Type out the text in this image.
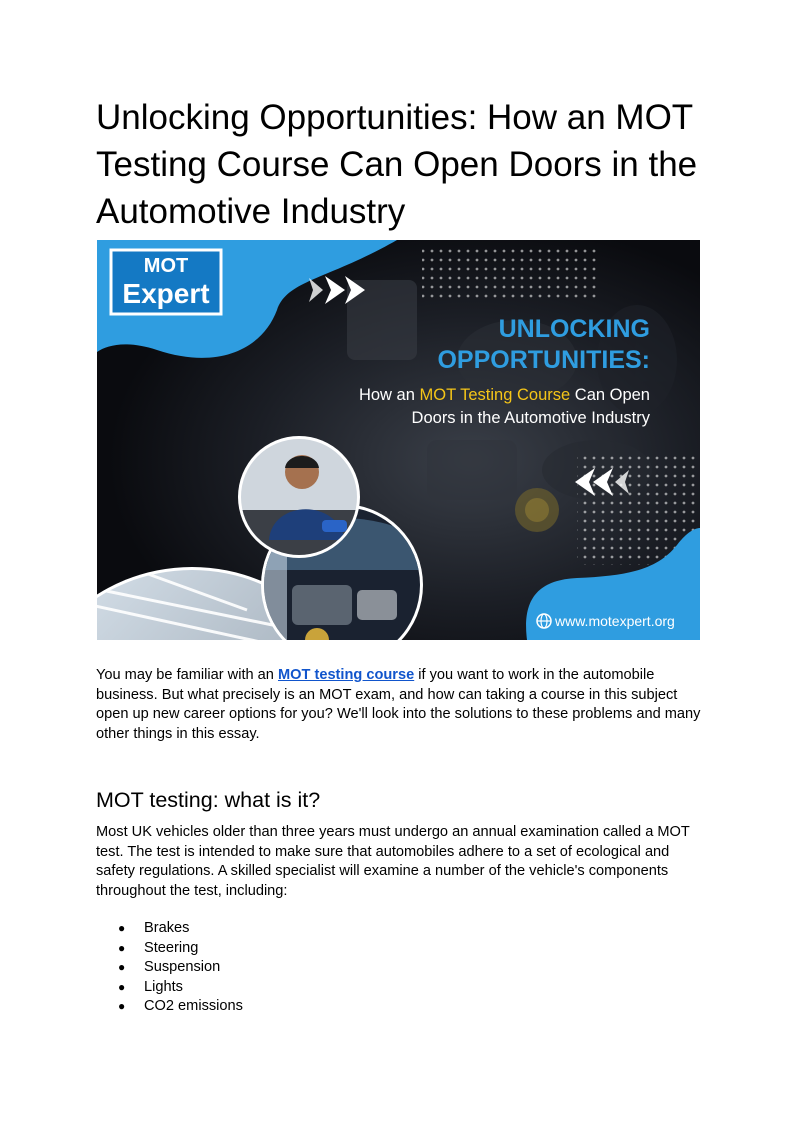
Unlocking Opportunities: How an MOT Testing Course Can Open Doors in the Automotive Industry
MOT
Expert
UNLOCKING
OPPORTUNITIES:
How an MOT Testing Course Can Open
Doors in the Automotive Industry
www.motexpert.org

You may be familiar with an MOT testing course if you want to work in the automobile business. But what precisely is an MOT exam, and how can taking a course in this subject open up new career options for you? We'll look into the solutions to these problems and many other things in this essay.

MOT testing: what is it?

Most UK vehicles older than three years must undergo an annual examination called a MOT test. The test is intended to make sure that automobiles adhere to a set of ecological and safety regulations. A skilled specialist will examine a number of the vehicle's components throughout the test, including:

● Brakes
● Steering
● Suspension
● Lights
● CO2 emissions
